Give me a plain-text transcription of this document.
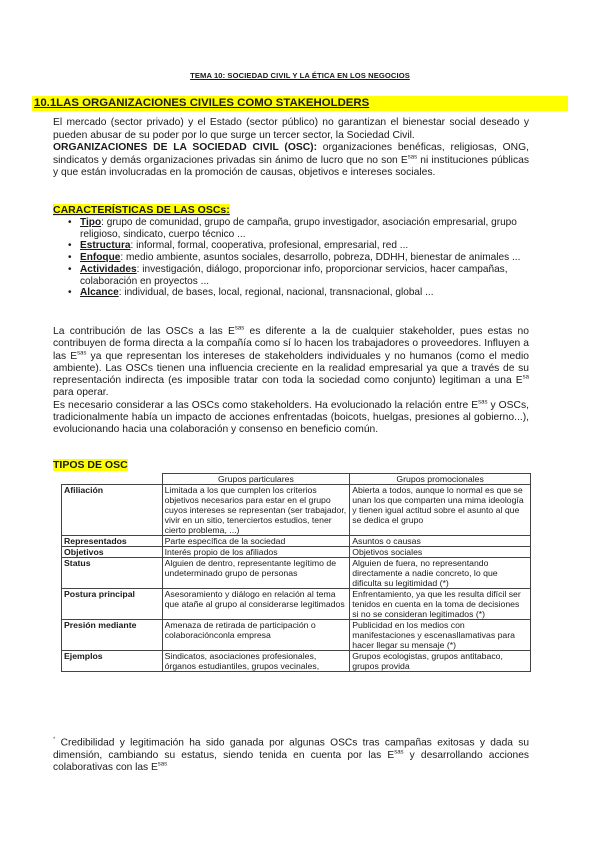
TEMA 10: SOCIEDAD CIVIL Y LA ÉTICA EN LOS NEGOCIOS
10.1LAS ORGANIZACIONES CIVILES COMO STAKEHOLDERS

El mercado (sector privado) y el Estado (sector público) no garantizan el bienestar social deseado y pueden abusar de su poder por lo que surge un tercer sector, la Sociedad Civil.

ORGANIZACIONES DE LA SOCIEDAD CIVIL (OSC): organizaciones benéficas, religiosas, ONG, sindicatos y demás organizaciones privadas sin ánimo de lucro que no son $E^{sas}$ ni instituciones públicas y que están involucradas en la promoción de causas, objetivos e intereses sociales.

CARACTERÍSTICAS DE LAS OSCs:
• Tipo: grupo de comunidad, grupo de campaña, grupo investigador, asociación empresarial, grupo religioso, sindicato, cuerpo técnico ...
• Estructura: informal, formal, cooperativa, profesional, empresarial, red ...
• Enfoque: medio ambiente, asuntos sociales, desarrollo, pobreza, DDHH, bienestar de animales ...
• Actividades: investigación, diálogo, proporcionar info, proporcionar servicios, hacer campañas, colaboración en proyectos ...
• Alcance: individual, de bases, local, regional, nacional, transnacional, global ...

La contribución de las OSCs a las $E^{sas}$ es diferente a la de cualquier stakeholder, pues estas no contribuyen de forma directa a la compañía como sí lo hacen los trabajadores o proveedores. Influyen a las $E^{sas}$ ya que representan los intereses de stakeholders individuales y no humanos (como el medio ambiente). Las OSCs tienen una influencia creciente en la realidad empresarial ya que a través de su representación indirecta (es imposible tratar con toda la sociedad como conjunto) legitiman a una $E^{sa}$ para operar.

Es necesario considerar a las OSCs como stakeholders. Ha evolucionado la relación entre $E^{sas}$ y OSCs, tradicionalmente había un impacto de acciones enfrentadas (boicots, huelgas, presiones al gobierno...), evolucionando hacia una colaboración y consenso en beneficio común.

TIPOS DE OSC
	Grupos particulares	Grupos promocionales
Afiliación	Limitada a los que cumplen los criterios objetivos necesarios para estar en el grupo cuyos intereses se representan (ser trabajador, vivir en un sitio, tenerciertos estudios, tener cierto problema, ...)	Abierta a todos, aunque lo normal es que se unan los que comparten una mima ideología y tienen igual actitud sobre el asunto al que se dedica el grupo
Representados	Parte específica de la sociedad	Asuntos o causas
Objetivos	Interés propio de los afiliados	Objetivos sociales
Status	Alguien de dentro, representante legítimo de undeterminado grupo de personas	Alguien de fuera, no representando directamente a nadie concreto, lo que dificulta su legitimidad (*)
Postura principal	Asesoramiento y diálogo en relación al tema que atañe al grupo al considerarse legitimados	Enfrentamiento, ya que les resulta difícil ser tenidos en cuenta en la toma de decisiones si no se consideran legitimados (*)
Presión mediante	Amenaza de retirada de participación o colaboraciónconla empresa	Publicidad en los medios con manifestaciones y escenasllamativas para hacer llegar su mensaje (*)
Ejemplos	Sindicatos, asociaciones profesionales, órganos estudiantiles, grupos vecinales,	Grupos ecologistas, grupos antitabaco, grupos provida

* Credibilidad y legitimación ha sido ganada por algunas OSCs tras campañas exitosas y dada su dimensión, cambiando su estatus, siendo tenida en cuenta por las $E^{sas}$ y desarrollando acciones colaborativas con las $E^{sas}$
